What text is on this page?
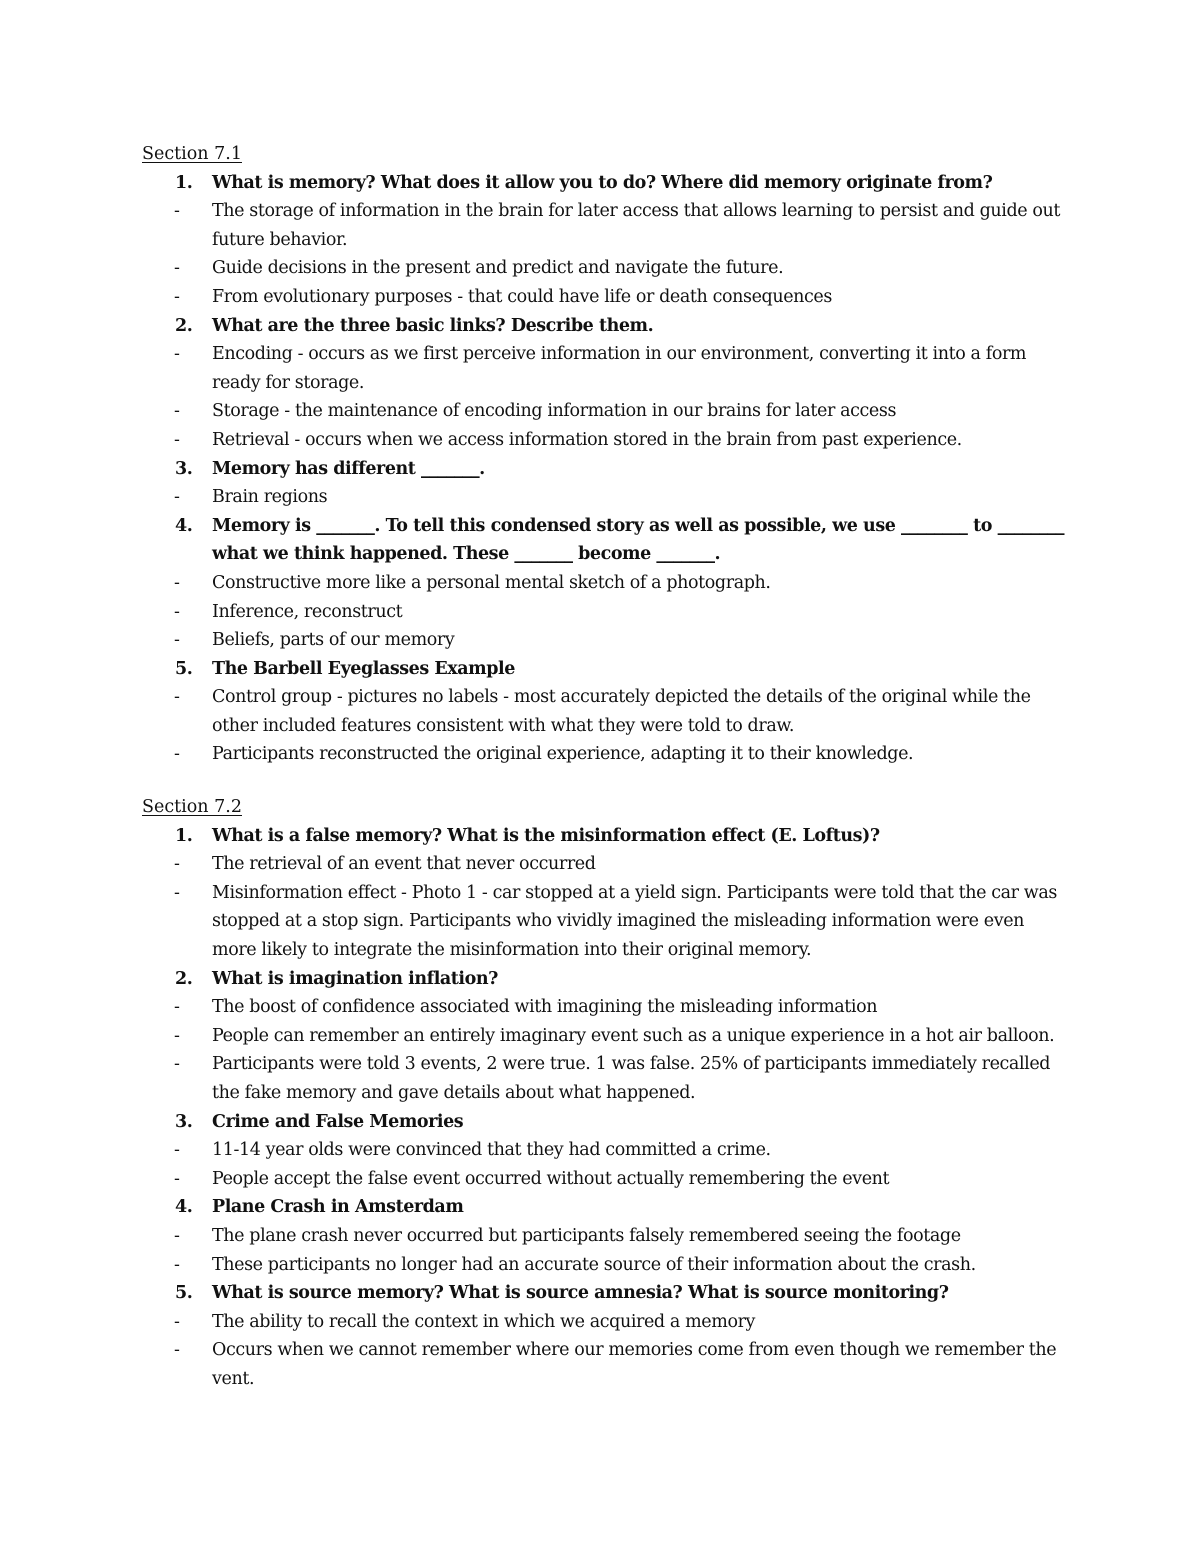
Section 7.1

1.	What is memory? What does it allow you to do? Where did memory originate from?
-	The storage of information in the brain for later access that allows learning to persist and guide out future behavior.
-	Guide decisions in the present and predict and navigate the future.
-	From evolutionary purposes - that could have life or death consequences
2.	What are the three basic links? Describe them.
-	Encoding - occurs as we first perceive information in our environment, converting it into a form ready for storage.
-	Storage - the maintenance of encoding information in our brains for later access
-	Retrieval - occurs when we access information stored in the brain from past experience.
3.	Memory has different _______.
-	Brain regions
4.	Memory is _______. To tell this condensed story as well as possible, we use ________ to ________ what we think happened. These _______ become _______.
-	Constructive more like a personal mental sketch of a photograph.
-	Inference, reconstruct
-	Beliefs, parts of our memory
5.	The Barbell Eyeglasses Example
-	Control group - pictures no labels - most accurately depicted the details of the original while the other included features consistent with what they were told to draw.
-	Participants reconstructed the original experience, adapting it to their knowledge.

Section 7.2

1.	What is a false memory? What is the misinformation effect (E. Loftus)?
-	The retrieval of an event that never occurred
-	Misinformation effect - Photo 1 - car stopped at a yield sign. Participants were told that the car was stopped at a stop sign. Participants who vividly imagined the misleading information were even more likely to integrate the misinformation into their original memory.
2.	What is imagination inflation?
-	The boost of confidence associated with imagining the misleading information
-	People can remember an entirely imaginary event such as a unique experience in a hot air balloon.
-	Participants were told 3 events, 2 were true. 1 was false. 25% of participants immediately recalled the fake memory and gave details about what happened.
3.	Crime and False Memories
-	11-14 year olds were convinced that they had committed a crime.
-	People accept the false event occurred without actually remembering the event
4.	Plane Crash in Amsterdam
-	The plane crash never occurred but participants falsely remembered seeing the footage
-	These participants no longer had an accurate source of their information about the crash.
5.	What is source memory? What is source amnesia? What is source monitoring?
-	The ability to recall the context in which we acquired a memory
-	Occurs when we cannot remember where our memories come from even though we remember the vent.
